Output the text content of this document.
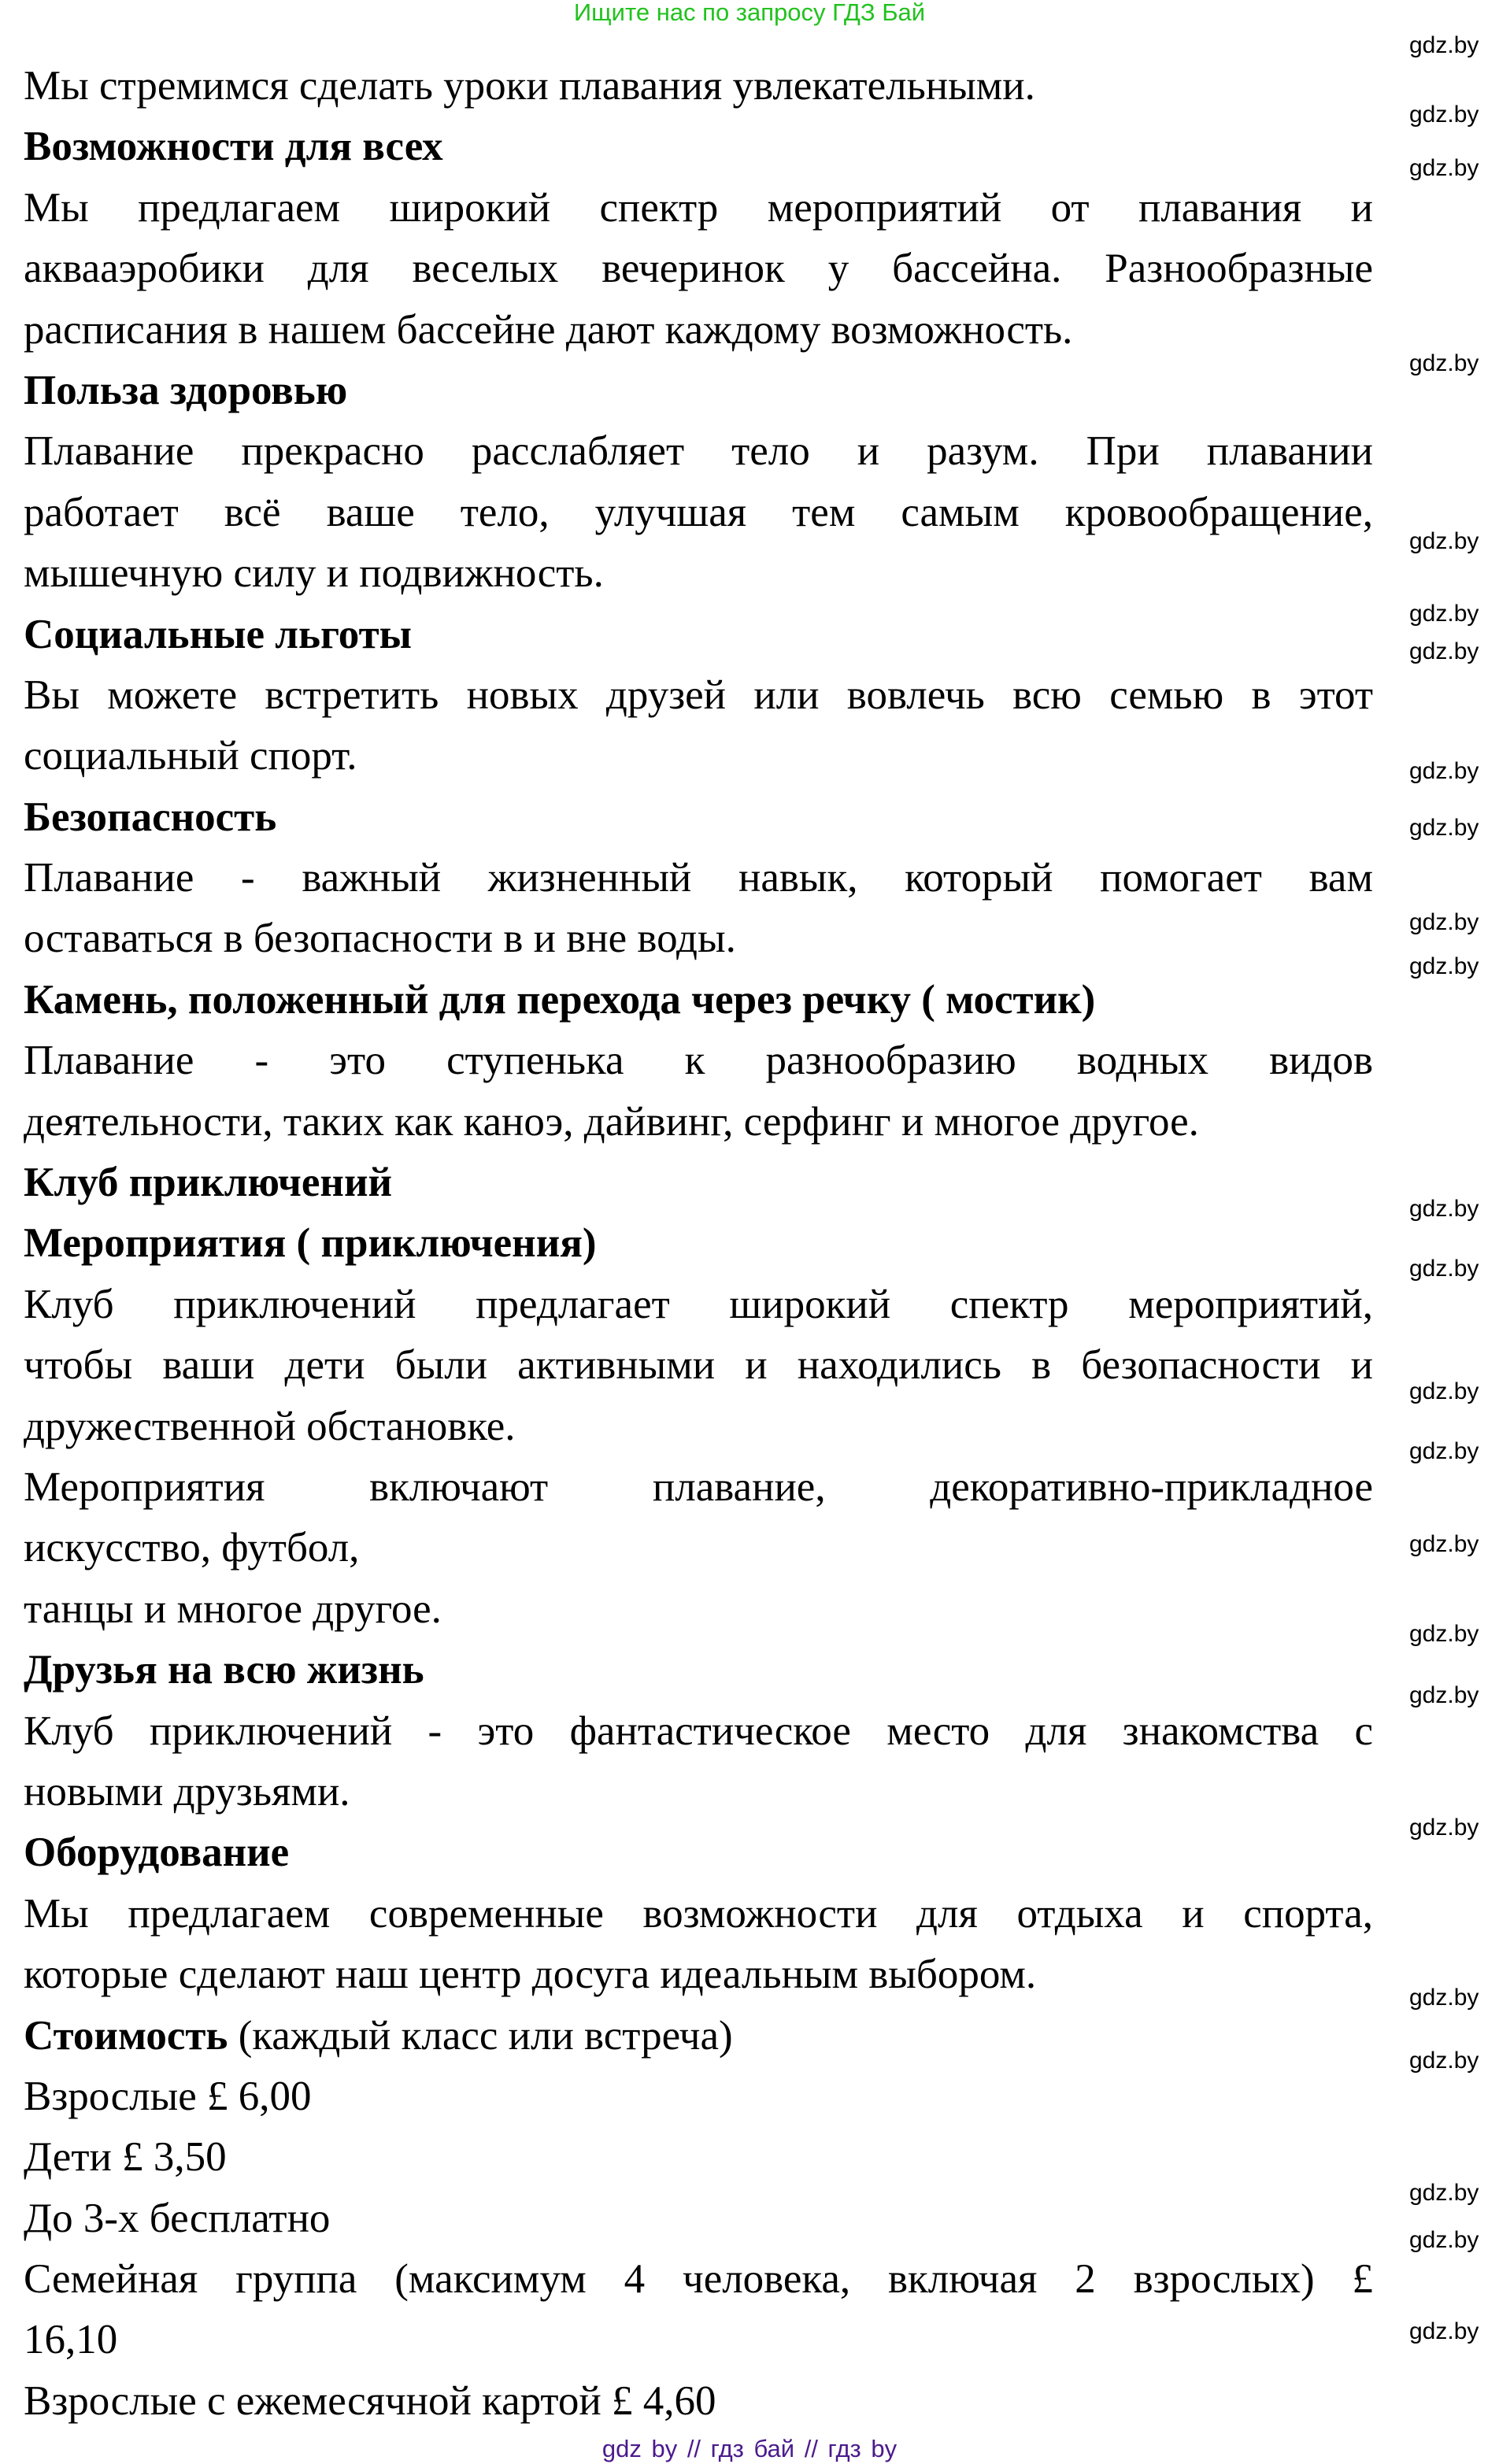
Ищите нас по запросу ГДЗ Бай
Мы стремимся сделать уроки плавания увлекательными.
Возможности для всех
Мы предлагаем широкий спектр мероприятий от плавания и
аквааэробики для веселых вечеринок у бассейна. Разнообразные
расписания в нашем бассейне дают каждому возможность.
Польза здоровью
Плавание прекрасно расслабляет тело и разум. При плавании
работает всё ваше тело, улучшая тем самым кровообращение,
мышечную силу и подвижность.
Социальные льготы
Вы можете встретить новых друзей или вовлечь всю семью в этот
социальный спорт.
Безопасность
Плавание - важный жизненный навык, который помогает вам
оставаться в безопасности в и вне воды.
Камень, положенный для перехода через речку ( мостик)
Плавание - это ступенька к разнообразию водных видов
деятельности, таких как каноэ, дайвинг, серфинг и многое другое.
Клуб приключений
Мероприятия ( приключения)
Клуб приключений предлагает широкий спектр мероприятий,
чтобы ваши дети были активными и находились в безопасности и
дружественной обстановке.
Мероприятия включают плавание, декоративно-прикладное
искусство, футбол,
танцы и многое другое.
Друзья на всю жизнь
Клуб приключений - это фантастическое место для знакомства с
новыми друзьями.
Оборудование
Мы предлагаем современные возможности для отдыха и спорта,
которые сделают наш центр досуга идеальным выбором.
Стоимость (каждый класс или встреча)
Взрослые £ 6,00
Дети £ 3,50
До 3-х бесплатно
Семейная группа (максимум 4 человека, включая 2 взрослых) £
16,10
Взрослые с ежемесячной картой £ 4,60
gdz.by
gdz.by
gdz.by
gdz.by
gdz.by
gdz.by
gdz.by
gdz.by
gdz.by
gdz.by
gdz.by
gdz.by
gdz.by
gdz.by
gdz.by
gdz.by
gdz.by
gdz.by
gdz.by
gdz.by
gdz.by
gdz.by
gdz.by
gdz.by
gdz by // гдз бай // гдз by
